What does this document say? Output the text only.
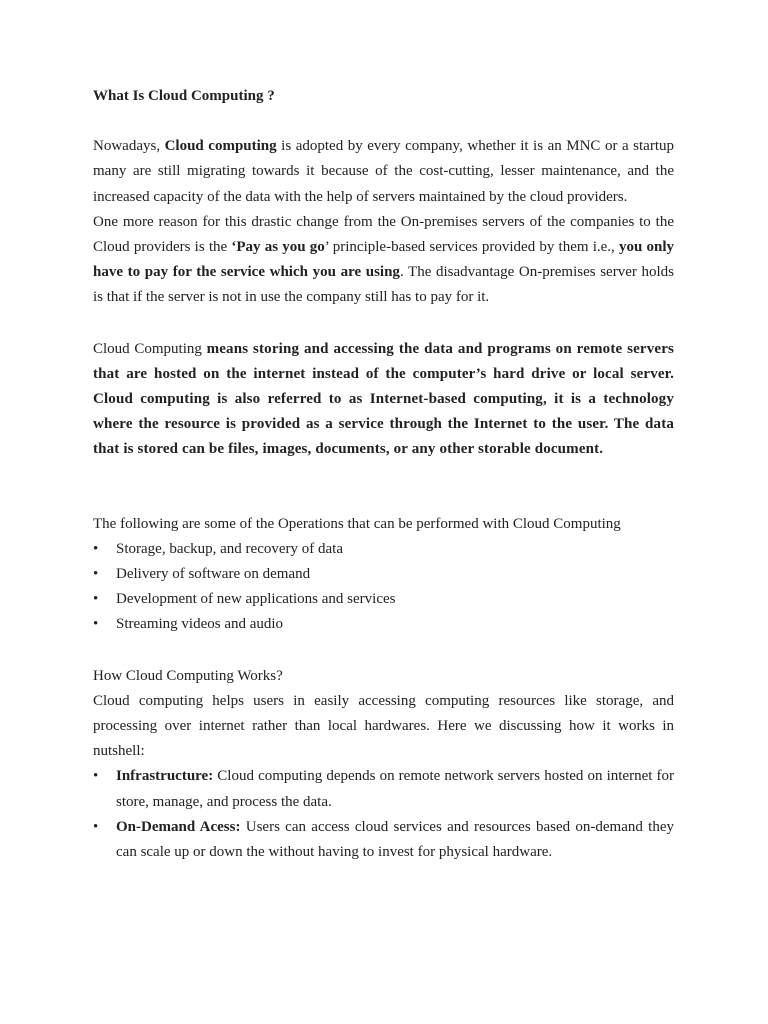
What Is Cloud Computing ?

Nowadays, Cloud computing is adopted by every company, whether it is an MNC or a startup many are still migrating towards it because of the cost-cutting, lesser maintenance, and the increased capacity of the data with the help of servers maintained by the cloud providers.

One more reason for this drastic change from the On-premises servers of the companies to the Cloud providers is the ‘Pay as you go’ principle-based services provided by them i.e., you only have to pay for the service which you are using. The disadvantage On-premises server holds is that if the server is not in use the company still has to pay for it.

Cloud Computing means storing and accessing the data and programs on remote servers that are hosted on the internet instead of the computer’s hard drive or local server. Cloud computing is also referred to as Internet-based computing, it is a technology where the resource is provided as a service through the Internet to the user. The data that is stored can be files, images, documents, or any other storable document.

The following are some of the Operations that can be performed with Cloud Computing

•	Storage, backup, and recovery of data
•	Delivery of software on demand
•	Development of new applications and services
•	Streaming videos and audio

How Cloud Computing Works?

Cloud computing helps users in easily accessing computing resources like storage, and processing over internet rather than local hardwares. Here we discussing how it works in nutshell:

•	Infrastructure: Cloud computing depends on remote network servers hosted on internet for store, manage, and process the data.
•	On-Demand Acess: Users can access cloud services and resources based on-demand they can scale up or down the without having to invest for physical hardware.
